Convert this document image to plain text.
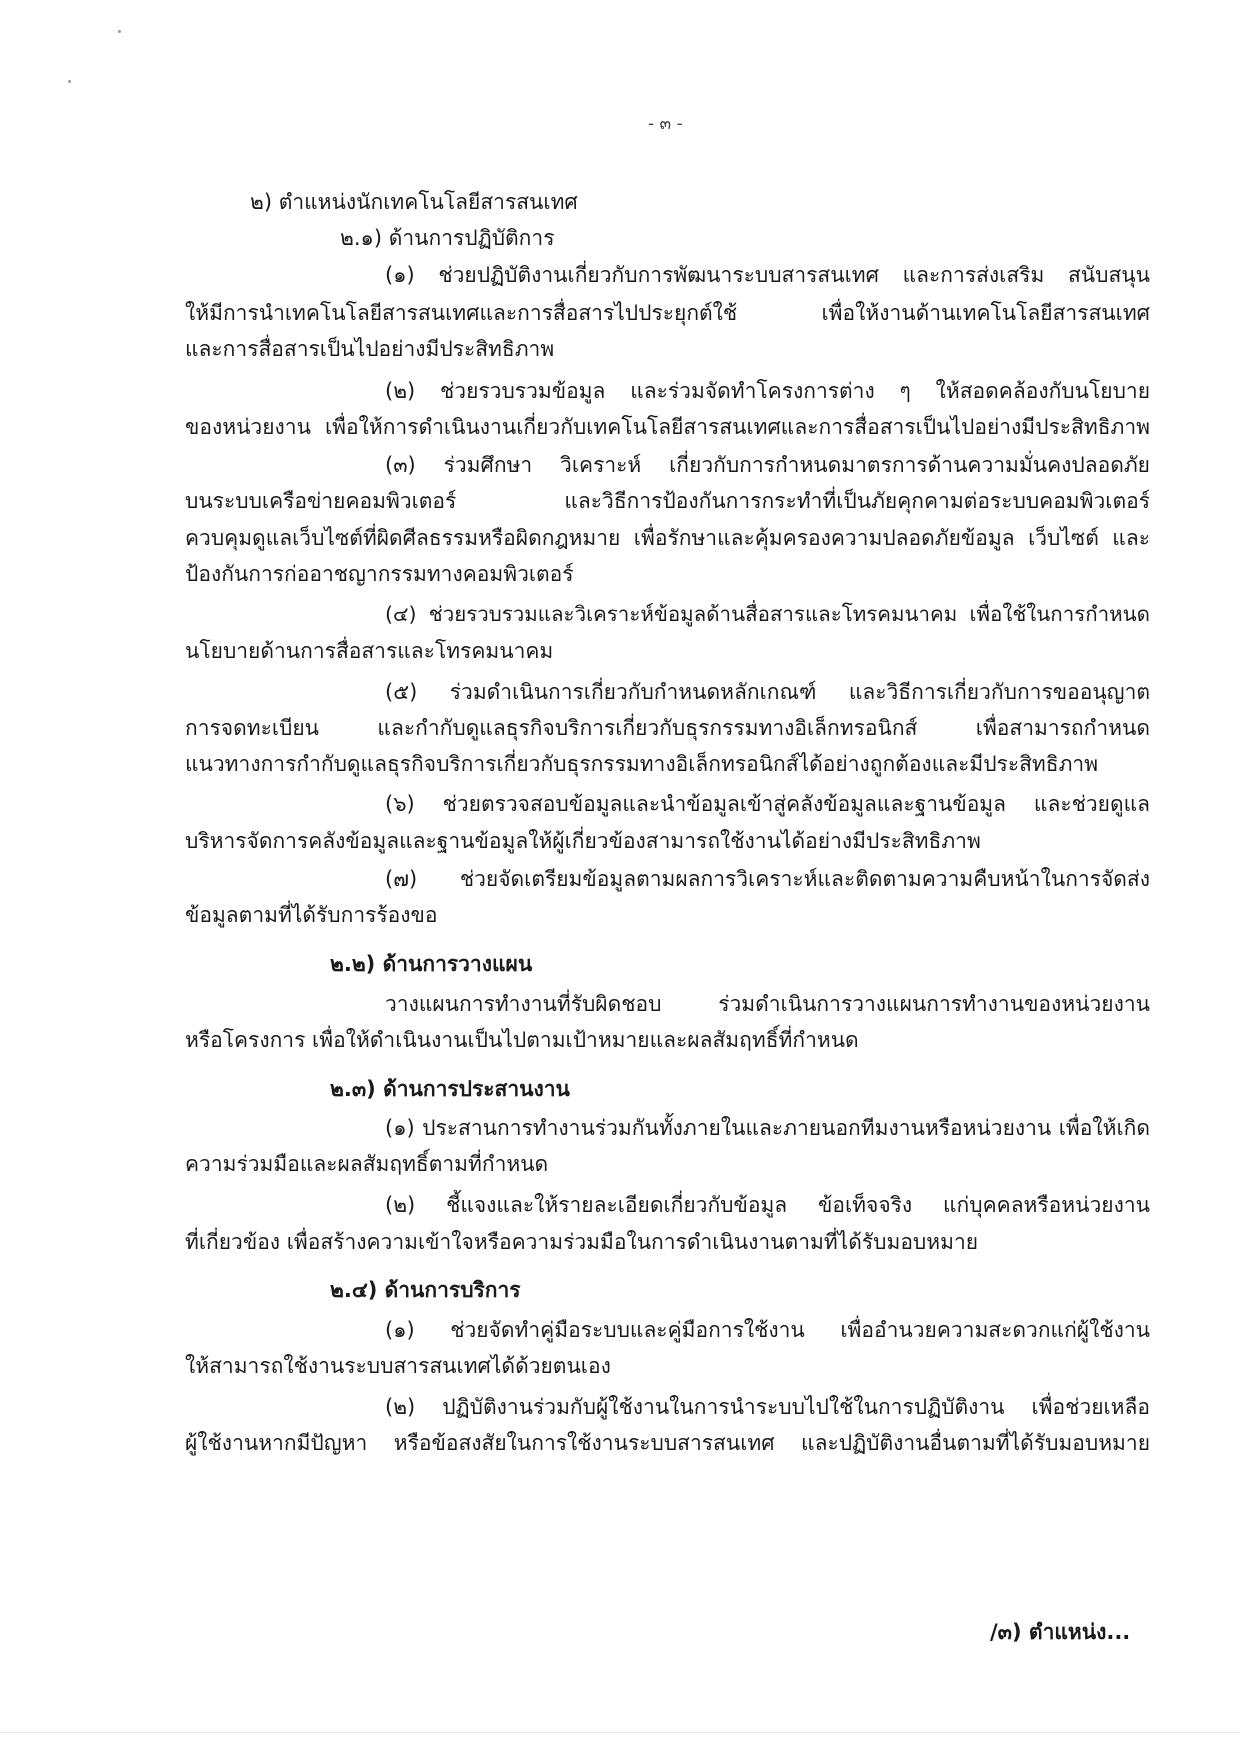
- ๓ -
๒) ตำแหน่งนักเทคโนโลยีสารสนเทศ
๒.๑) ด้านการปฏิบัติการ
(๑) ช่วยปฏิบัติงานเกี่ยวกับการพัฒนาระบบสารสนเทศ และการส่งเสริม สนับสนุน
ให้มีการนำเทคโนโลยีสารสนเทศและการสื่อสารไปประยุกต์ใช้ เพื่อให้งานด้านเทคโนโลยีสารสนเทศ
และการสื่อสารเป็นไปอย่างมีประสิทธิภาพ
(๒) ช่วยรวบรวมข้อมูล และร่วมจัดทำโครงการต่าง ๆ ให้สอดคล้องกับนโยบาย
ของหน่วยงาน เพื่อให้การดำเนินงานเกี่ยวกับเทคโนโลยีสารสนเทศและการสื่อสารเป็นไปอย่างมีประสิทธิภาพ
(๓) ร่วมศึกษา วิเคราะห์ เกี่ยวกับการกำหนดมาตรการด้านความมั่นคงปลอดภัย
บนระบบเครือข่ายคอมพิวเตอร์ และวิธีการป้องกันการกระทำที่เป็นภัยคุกคามต่อระบบคอมพิวเตอร์
ควบคุมดูแลเว็บไซต์ที่ผิดศีลธรรมหรือผิดกฎหมาย เพื่อรักษาและคุ้มครองความปลอดภัยข้อมูล เว็บไซต์ และ
ป้องกันการก่ออาชญากรรมทางคอมพิวเตอร์
(๔) ช่วยรวบรวมและวิเคราะห์ข้อมูลด้านสื่อสารและโทรคมนาคม เพื่อใช้ในการกำหนด
นโยบายด้านการสื่อสารและโทรคมนาคม
(๕) ร่วมดำเนินการเกี่ยวกับกำหนดหลักเกณฑ์ และวิธีการเกี่ยวกับการขออนุญาต
การจดทะเบียน และกำกับดูแลธุรกิจบริการเกี่ยวกับธุรกรรมทางอิเล็กทรอนิกส์ เพื่อสามารถกำหนด
แนวทางการกำกับดูแลธุรกิจบริการเกี่ยวกับธุรกรรมทางอิเล็กทรอนิกส์ได้อย่างถูกต้องและมีประสิทธิภาพ
(๖) ช่วยตรวจสอบข้อมูลและนำข้อมูลเข้าสู่คลังข้อมูลและฐานข้อมูล และช่วยดูแล
บริหารจัดการคลังข้อมูลและฐานข้อมูลให้ผู้เกี่ยวข้องสามารถใช้งานได้อย่างมีประสิทธิภาพ
(๗) ช่วยจัดเตรียมข้อมูลตามผลการวิเคราะห์และติดตามความคืบหน้าในการจัดส่ง
ข้อมูลตามที่ได้รับการร้องขอ
๒.๒) ด้านการวางแผน
วางแผนการทำงานที่รับผิดชอบ ร่วมดำเนินการวางแผนการทำงานของหน่วยงาน
หรือโครงการ เพื่อให้ดำเนินงานเป็นไปตามเป้าหมายและผลสัมฤทธิ์ที่กำหนด
๒.๓) ด้านการประสานงาน
(๑) ประสานการทำงานร่วมกันทั้งภายในและภายนอกทีมงานหรือหน่วยงาน เพื่อให้เกิด
ความร่วมมือและผลสัมฤทธิ์ตามที่กำหนด
(๒) ชี้แจงและให้รายละเอียดเกี่ยวกับข้อมูล ข้อเท็จจริง แก่บุคคลหรือหน่วยงาน
ที่เกี่ยวข้อง เพื่อสร้างความเข้าใจหรือความร่วมมือในการดำเนินงานตามที่ได้รับมอบหมาย
๒.๔) ด้านการบริการ
(๑) ช่วยจัดทำคู่มือระบบและคู่มือการใช้งาน เพื่ออำนวยความสะดวกแก่ผู้ใช้งาน
ให้สามารถใช้งานระบบสารสนเทศได้ด้วยตนเอง
(๒) ปฏิบัติงานร่วมกับผู้ใช้งานในการนำระบบไปใช้ในการปฏิบัติงาน เพื่อช่วยเหลือ
ผู้ใช้งานหากมีปัญหา หรือข้อสงสัยในการใช้งานระบบสารสนเทศ และปฏิบัติงานอื่นตามที่ได้รับมอบหมาย
/๓) ตำแหน่ง...
